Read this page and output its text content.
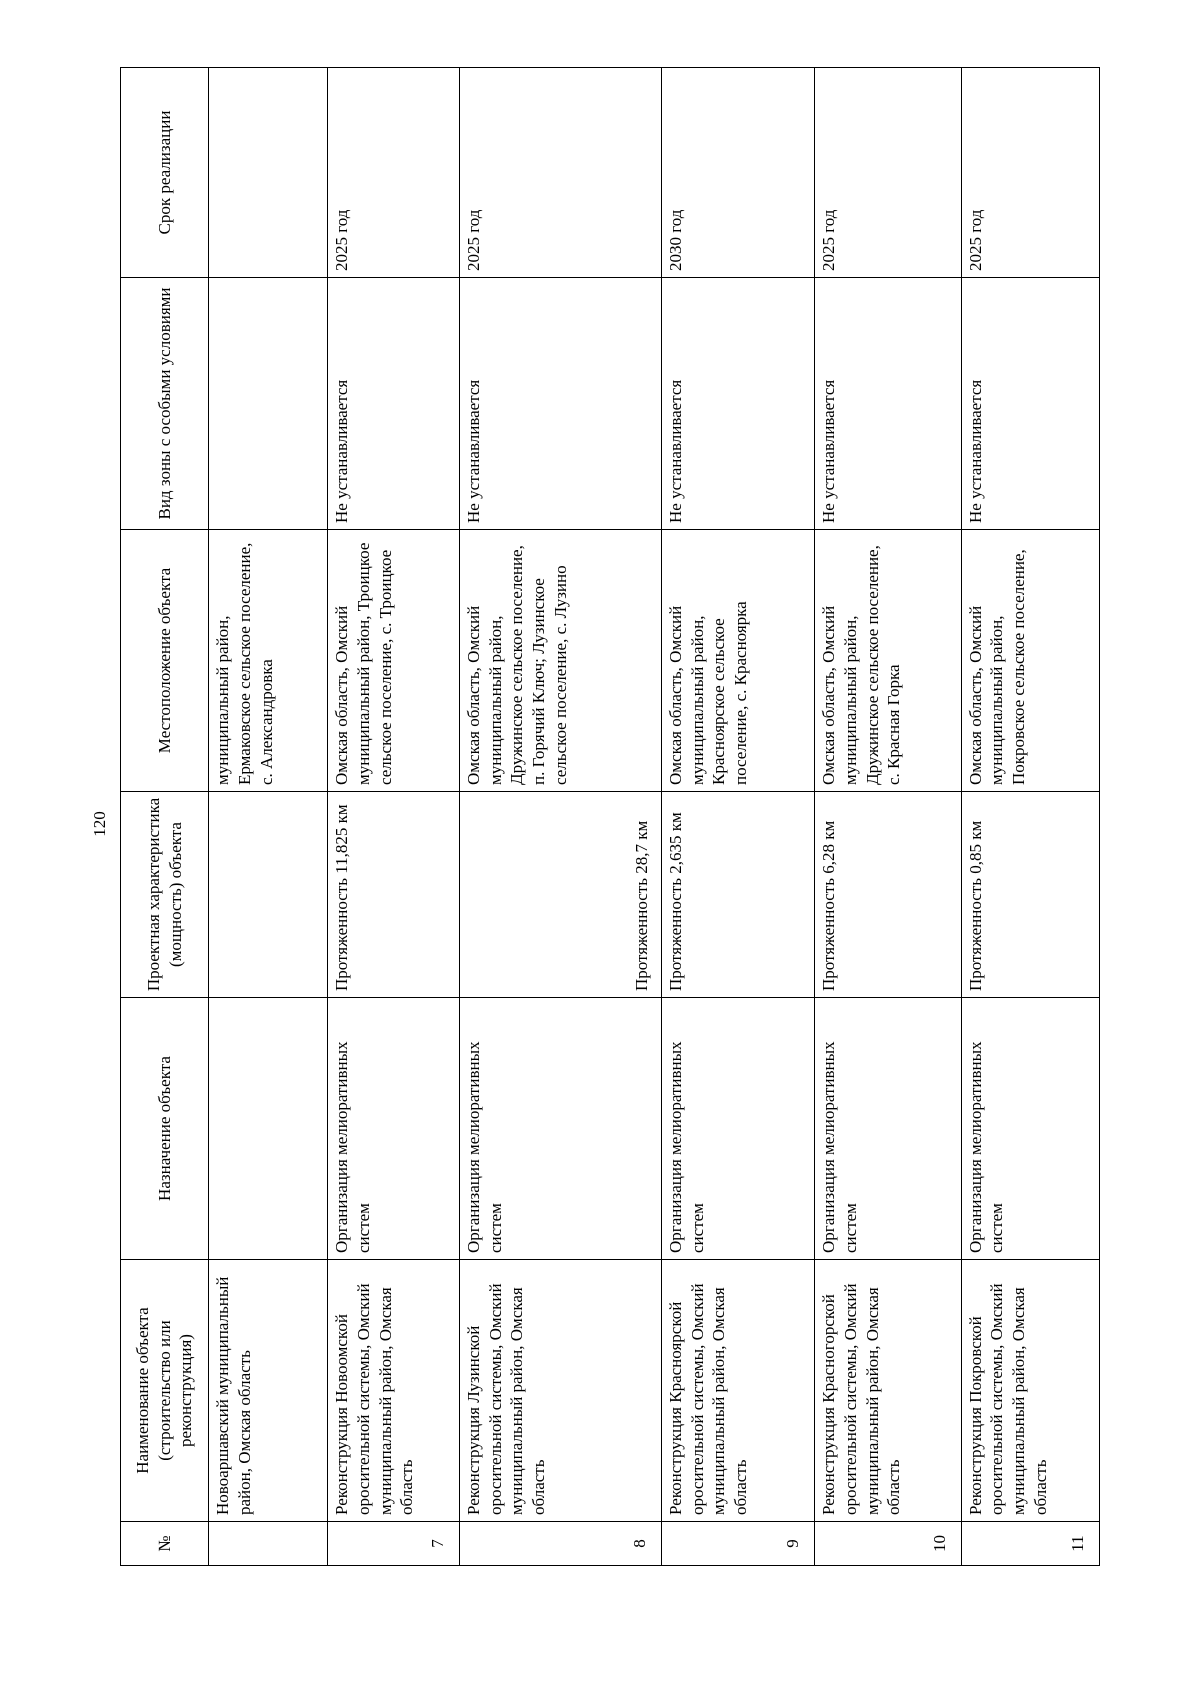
120
№	Наименование объекта (строительство или реконструкция)	Назначение объекта	Проектная характеристика (мощность) объекта	Местоположение объекта	Вид зоны с особыми условиями	Срок реализации
	Новоаршавский муниципальный район, Омская область			муниципальный район, Ермаковское сельское поселение, с. Александровка		
7	Реконструкция Новоомской оросительной системы, Омский муниципальный район, Омская область	Организация мелиоративных систем	Протяженность 11,825 км	Омская область, Омский муниципальный район, Троицкое сельское поселение, с. Троицкое	Не устанавливается	2025 год
8	Реконструкция Лузинской оросительной системы, Омский муниципальный район, Омская область	Организация мелиоративных систем	Протяженность 28,7 км	Омская область, Омский муниципальный район, Дружинское сельское поселение, п. Горячий Ключ; Лузинское сельское поселение, с. Лузино	Не устанавливается	2025 год
9	Реконструкция Красноярской оросительной системы, Омский муниципальный район, Омская область	Организация мелиоративных систем	Протяженность 2,635 км	Омская область, Омский муниципальный район, Красноярское сельское поселение, с. Красноярка	Не устанавливается	2030 год
10	Реконструкция Красногорской оросительной системы, Омский муниципальный район, Омская область	Организация мелиоративных систем	Протяженность 6,28 км	Омская область, Омский муниципальный район, Дружинское сельское поселение, с. Красная Горка	Не устанавливается	2025 год
11	Реконструкция Покровской оросительной системы, Омский муниципальный район, Омская область	Организация мелиоративных систем	Протяженность 0,85 км	Омская область, Омский муниципальный район, Покровское сельское поселение,	Не устанавливается	2025 год
